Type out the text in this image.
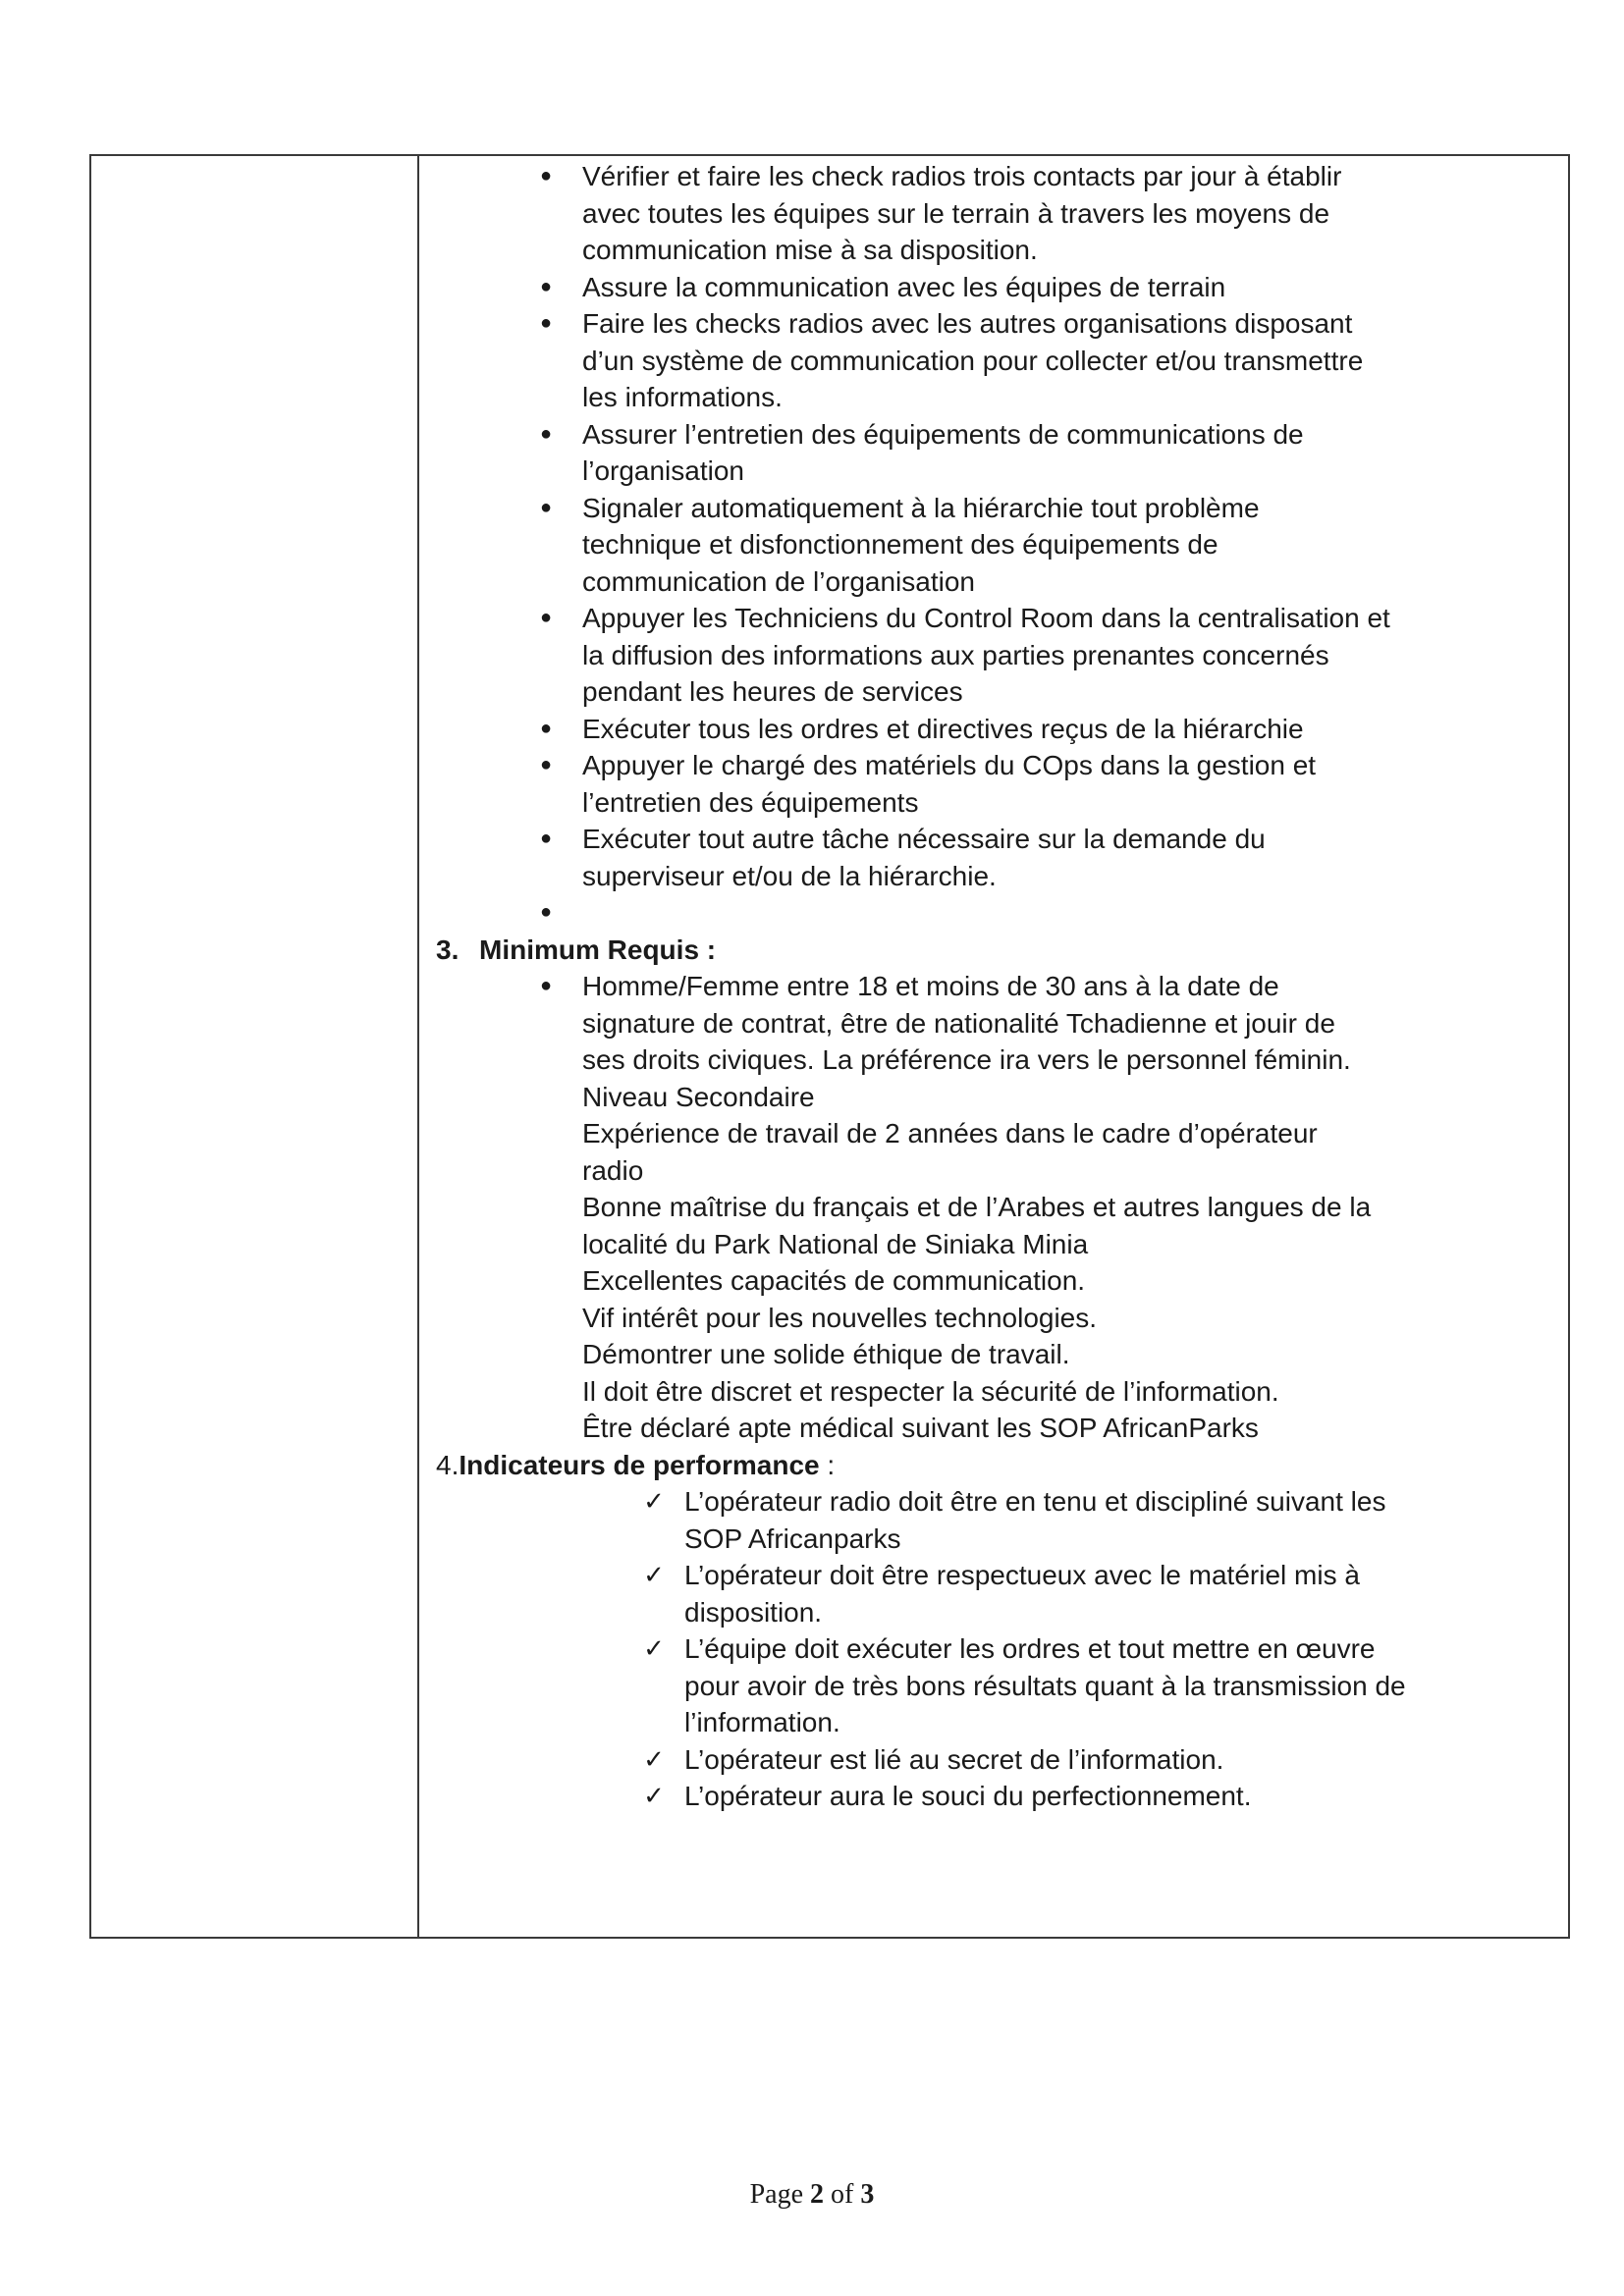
● Vérifier et faire les check radios trois contacts par jour à établir
avec toutes les équipes sur le terrain à travers les moyens de
communication mise à sa disposition.
● Assure la communication avec les équipes de terrain
● Faire les checks radios avec les autres organisations disposant
d’un système de communication pour collecter et/ou transmettre
les informations.
● Assurer l’entretien des équipements de communications de
l’organisation
● Signaler automatiquement à la hiérarchie tout problème
technique et disfonctionnement des équipements de
communication de l’organisation
● Appuyer les Techniciens du Control Room dans la centralisation et
la diffusion des informations aux parties prenantes concernés
pendant les heures de services
● Exécuter tous les ordres et directives reçus de la hiérarchie
● Appuyer le chargé des matériels du COps dans la gestion et
l’entretien des équipements
● Exécuter tout autre tâche nécessaire sur la demande du
superviseur et/ou de la hiérarchie.
●

3. Minimum Requis :
● Homme/Femme entre 18 et moins de 30 ans à la date de
signature de contrat, être de nationalité Tchadienne et jouir de
ses droits civiques. La préférence ira vers le personnel féminin.
Niveau Secondaire
Expérience de travail de 2 années dans le cadre d’opérateur
radio
Bonne maîtrise du français et de l’Arabes et autres langues de la
localité du Park National de Siniaka Minia
Excellentes capacités de communication.
Vif intérêt pour les nouvelles technologies.
Démontrer une solide éthique de travail.
Il doit être discret et respecter la sécurité de l’information.
Être déclaré apte médical suivant les SOP AfricanParks
4.Indicateurs de performance :
✓ L’opérateur radio doit être en tenu et discipliné suivant les
SOP Africanparks
✓ L’opérateur doit être respectueux avec le matériel mis à
disposition.
✓ L’équipe doit exécuter les ordres et tout mettre en œuvre
pour avoir de très bons résultats quant à la transmission de
l’information.
✓ L’opérateur est lié au secret de l’information.
✓ L’opérateur aura le souci du perfectionnement.
Page 2 of 3
